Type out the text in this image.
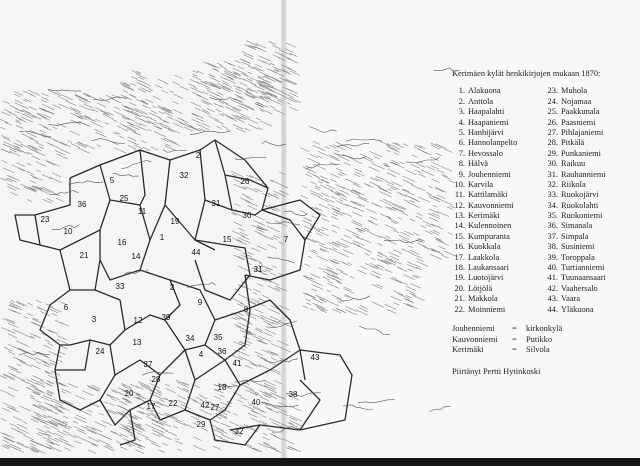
2
32
5	26
36
25
11
31
30
23
10
19
16
1	15	7
21	14	44
31
33	2
8
6
3	39
9
12
35
34
13
24	4 36
37
28
41
43
20
17 22	42
18
40
38
29
27
32

Kerimäen kylät henkikirjojen mukaan 1870:

1. Alakuona
2. Anttola
3. Haapalahti
4. Haapaniemi
5. Hanhijärvi
6. Hannolanpelto
7. Hevossalo
8. Hälvä
9. Jouhenniemi
10. Karvila
11. Kattilamäki
12. Kauvonniemi
13. Kerimäki
14. Kulennoinen
15. Kumpuranta
16. Kuokkala
17. Laakkola
18. Laukansaari
19. Luotojärvi
20. Lötjölä
21. Makkola
22. Moinniemi
23. Muhola
24. Nojamaa
25. Paakkunala
26. Paasniemi
27. Pihlajaniemi
28. Pitkälä
29. Punkaniemi
30. Raikuu
31. Rauhanniemi
32. Riikola
33. Ruokojärvi
34. Ruokolahti
35. Ruokoniemi
36. Simanala
37. Simpala
38. Susiniemi
39. Toroppala
40. Turtianniemi
41. Tuunaansaari
42. Vaahersalo
43. Vaara
44. Yläkuona
Jouhenniemi	=	kirkonkylä
Kauvonniemi	=	Putikko
Kerimäki	=	Silvola
Piirtänyt Pertti Hytinkoski
